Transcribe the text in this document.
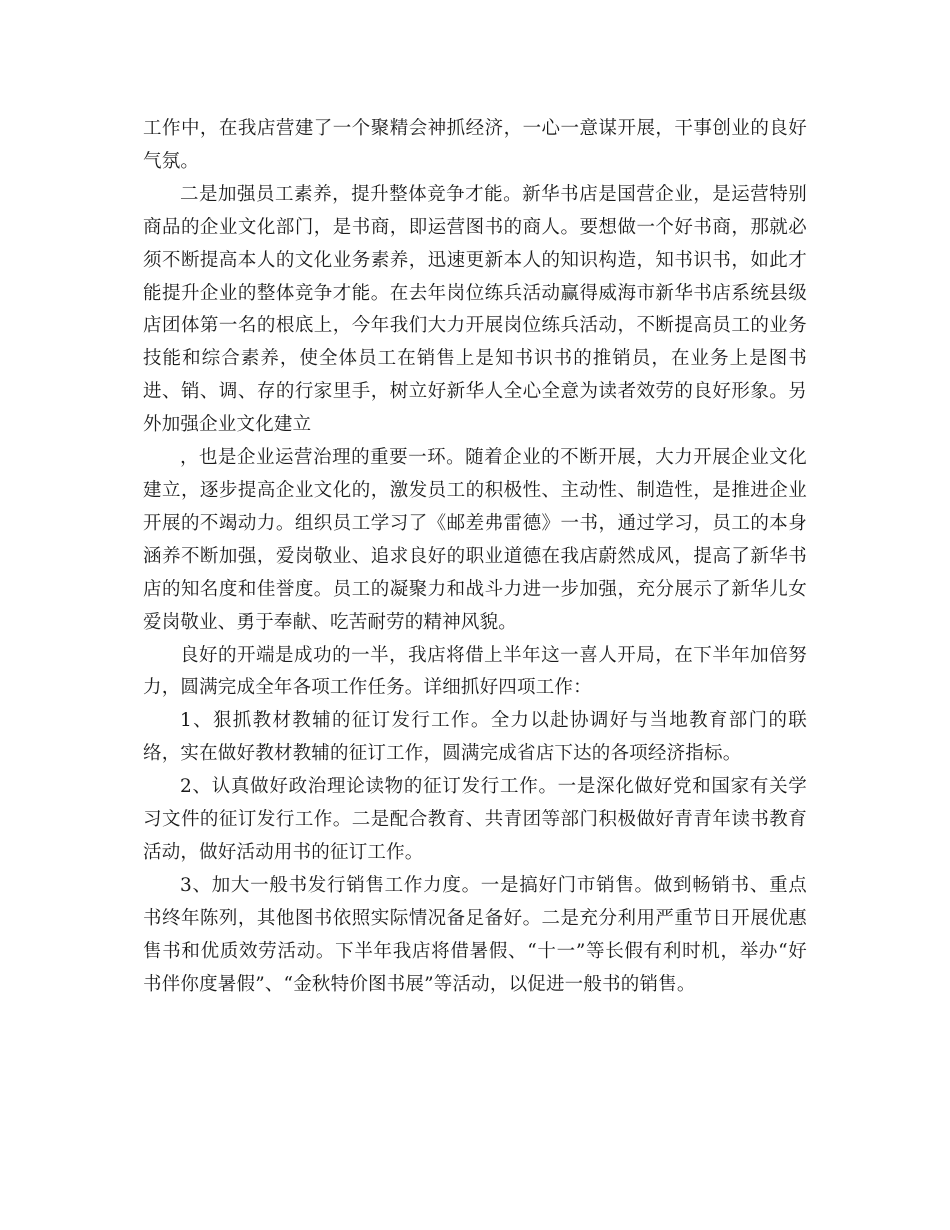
工作中，在我店营建了一个聚精会神抓经济，一心一意谋开展，干事创业的良好气氛。

二是加强员工素养，提升整体竞争才能。新华书店是国营企业，是运营特别商品的企业文化部门，是书商，即运营图书的商人。要想做一个好书商，那就必须不断提高本人的文化业务素养，迅速更新本人的知识构造，知书识书，如此才能提升企业的整体竞争才能。在去年岗位练兵活动赢得威海市新华书店系统县级店团体第一名的根底上，今年我们大力开展岗位练兵活动，不断提高员工的业务技能和综合素养，使全体员工在销售上是知书识书的推销员，在业务上是图书进、销、调、存的行家里手，树立好新华人全心全意为读者效劳的良好形象。另外加强企业文化建立

，也是企业运营治理的重要一环。随着企业的不断开展，大力开展企业文化建立，逐步提高企业文化的，激发员工的积极性、主动性、制造性，是推进企业开展的不竭动力。组织员工学习了《邮差弗雷德》一书，通过学习，员工的本身涵养不断加强，爱岗敬业、追求良好的职业道德在我店蔚然成风，提高了新华书店的知名度和佳誉度。员工的凝聚力和战斗力进一步加强，充分展示了新华儿女爱岗敬业、勇于奉献、吃苦耐劳的精神风貌。

良好的开端是成功的一半，我店将借上半年这一喜人开局，在下半年加倍努力，圆满完成全年各项工作任务。详细抓好四项工作：

1、狠抓教材教辅的征订发行工作。全力以赴协调好与当地教育部门的联络，实在做好教材教辅的征订工作，圆满完成省店下达的各项经济指标。

2、认真做好政治理论读物的征订发行工作。一是深化做好党和国家有关学习文件的征订发行工作。二是配合教育、共青团等部门积极做好青青年读书教育活动，做好活动用书的征订工作。

3、加大一般书发行销售工作力度。一是搞好门市销售。做到畅销书、重点书终年陈列，其他图书依照实际情况备足备好。二是充分利用严重节日开展优惠售书和优质效劳活动。下半年我店将借暑假、“十一”等长假有利时机，举办“好书伴你度暑假”、“金秋特价图书展”等活动，以促进一般书的销售。
